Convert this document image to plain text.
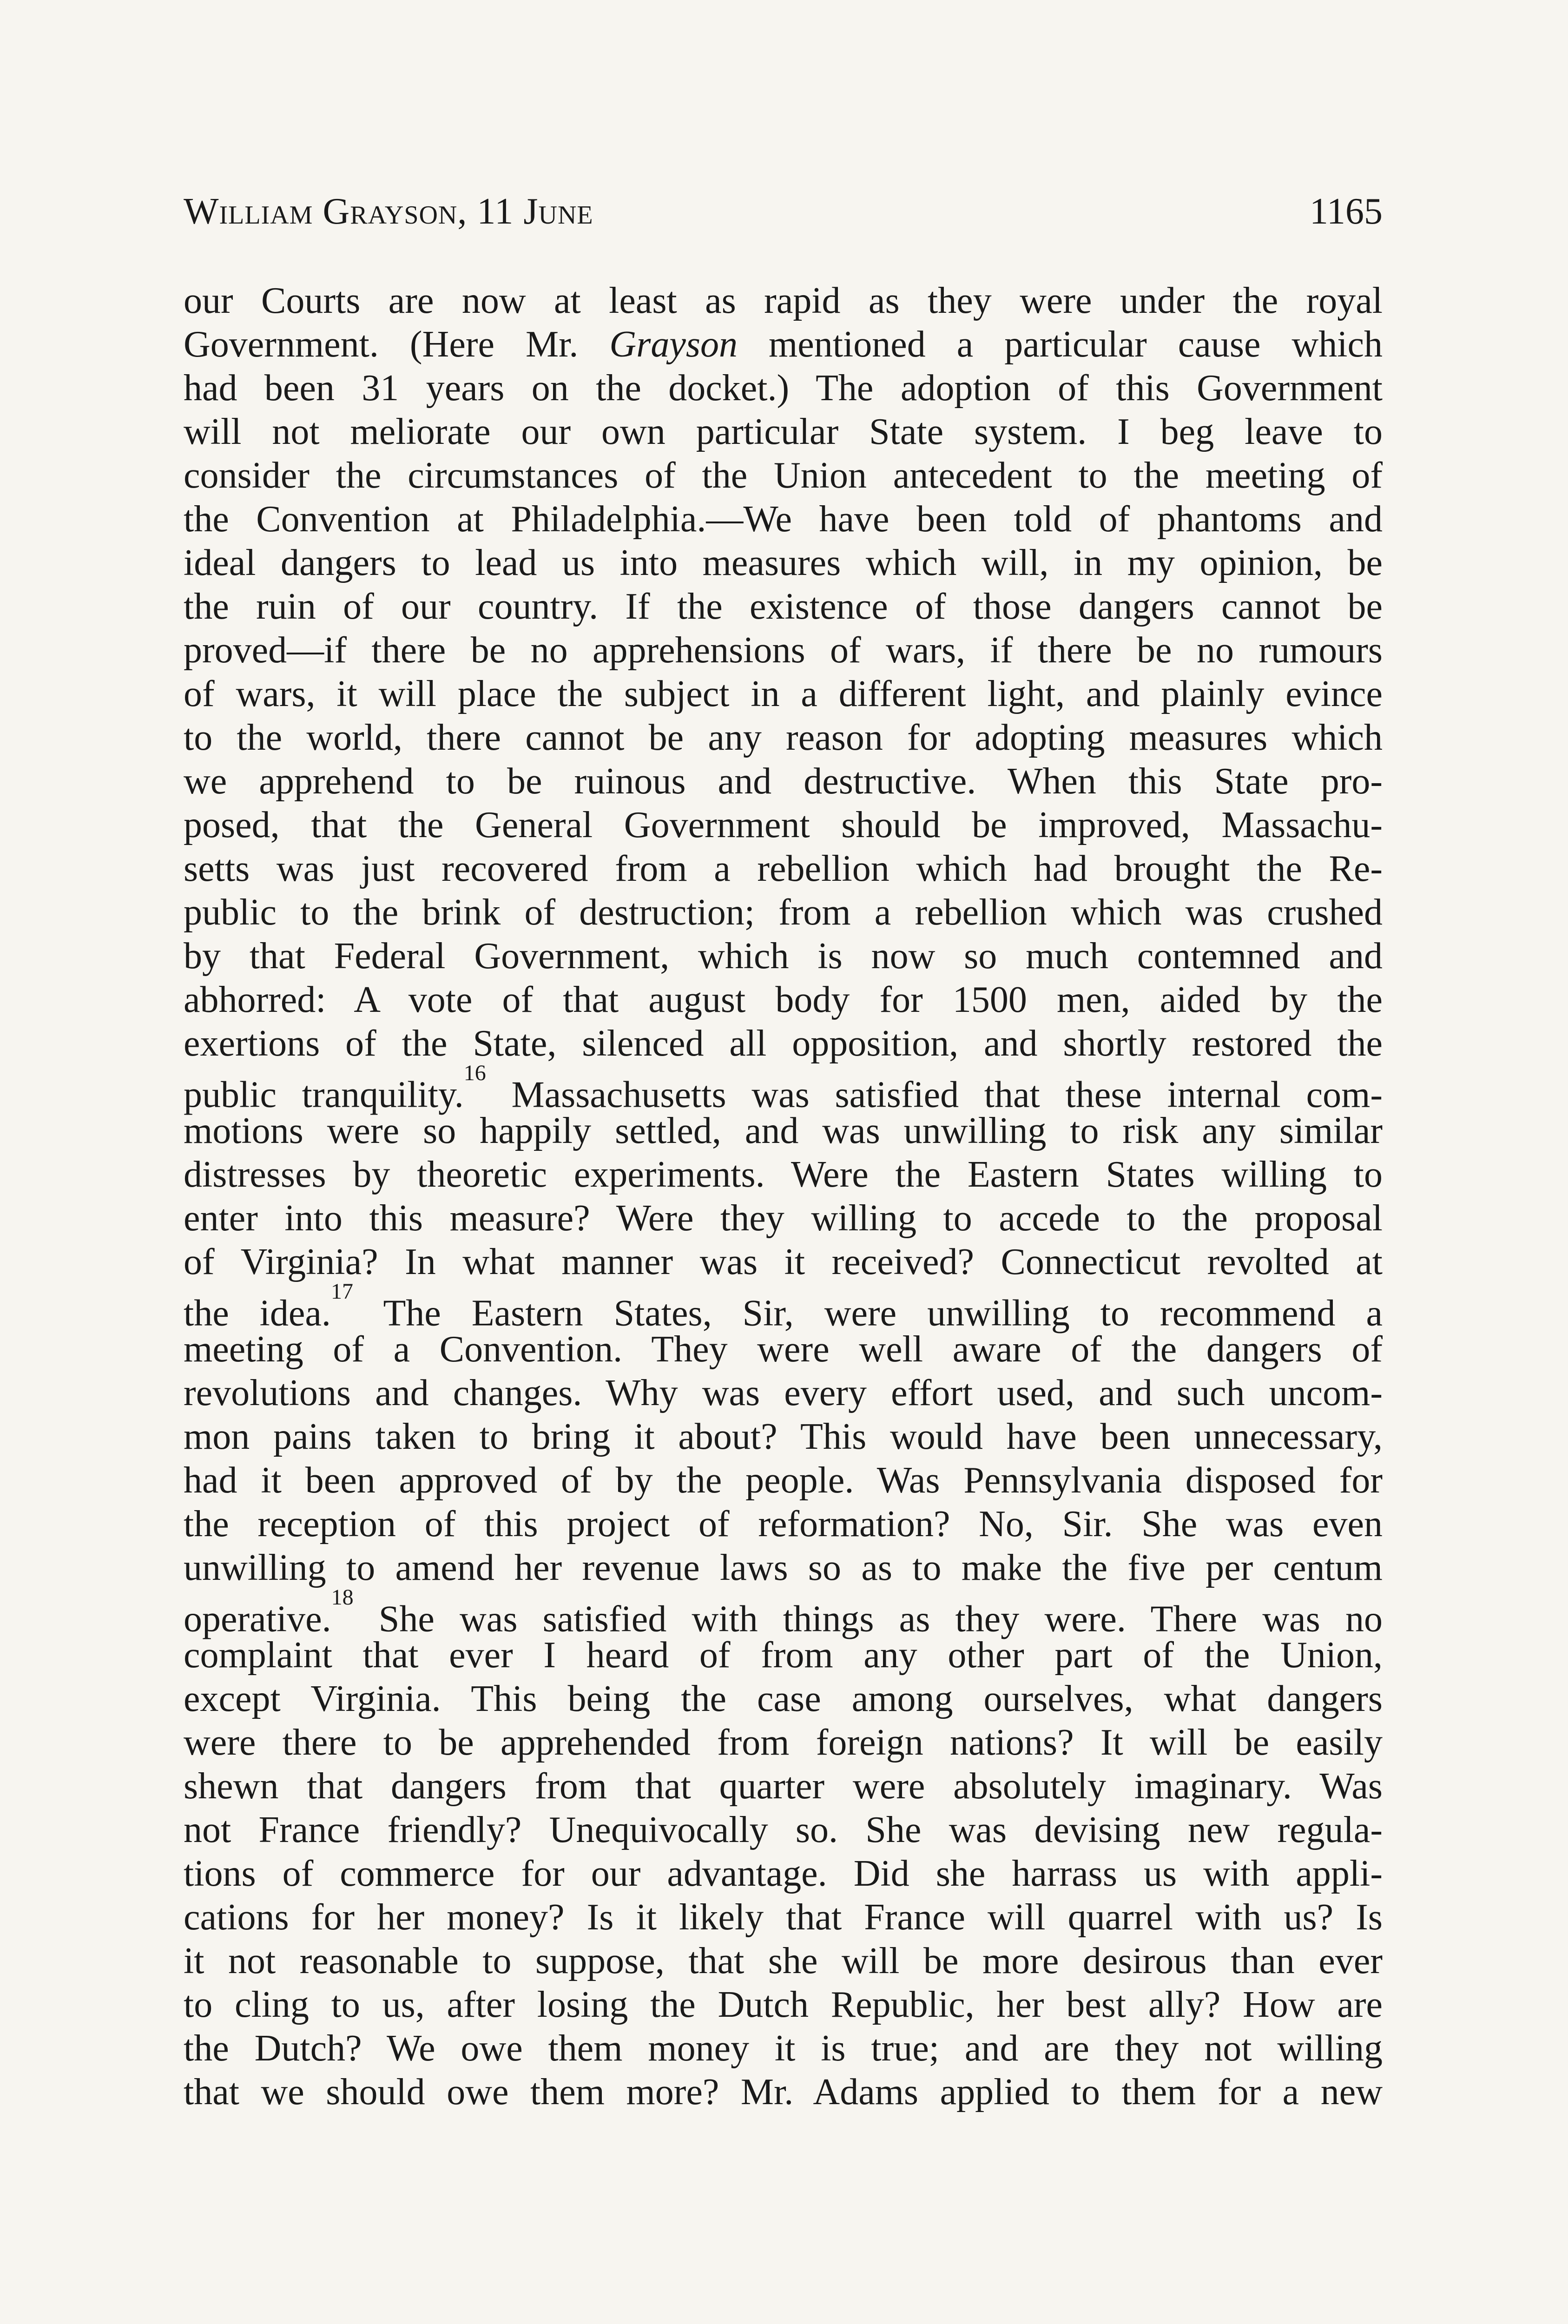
William Grayson, 11 June	1165
our Courts are now at least as rapid as they were under the royal
Government. (Here Mr. Grayson mentioned a particular cause which
had been 31 years on the docket.) The adoption of this Government
will not meliorate our own particular State system. I beg leave to
consider the circumstances of the Union antecedent to the meeting of
the Convention at Philadelphia.—We have been told of phantoms and
ideal dangers to lead us into measures which will, in my opinion, be
the ruin of our country. If the existence of those dangers cannot be
proved—if there be no apprehensions of wars, if there be no rumours
of wars, it will place the subject in a different light, and plainly evince
to the world, there cannot be any reason for adopting measures which
we apprehend to be ruinous and destructive. When this State pro-
posed, that the General Government should be improved, Massachu-
setts was just recovered from a rebellion which had brought the Re-
public to the brink of destruction; from a rebellion which was crushed
by that Federal Government, which is now so much contemned and
abhorred: A vote of that august body for 1500 men, aided by the
exertions of the State, silenced all opposition, and shortly restored the
public tranquility.$^{16}$ Massachusetts was satisfied that these internal com-
motions were so happily settled, and was unwilling to risk any similar
distresses by theoretic experiments. Were the Eastern States willing to
enter into this measure? Were they willing to accede to the proposal
of Virginia? In what manner was it received? Connecticut revolted at
the idea.$^{17}$ The Eastern States, Sir, were unwilling to recommend a
meeting of a Convention. They were well aware of the dangers of
revolutions and changes. Why was every effort used, and such uncom-
mon pains taken to bring it about? This would have been unnecessary,
had it been approved of by the people. Was Pennsylvania disposed for
the reception of this project of reformation? No, Sir. She was even
unwilling to amend her revenue laws so as to make the five per centum
operative.$^{18}$ She was satisfied with things as they were. There was no
complaint that ever I heard of from any other part of the Union,
except Virginia. This being the case among ourselves, what dangers
were there to be apprehended from foreign nations? It will be easily
shewn that dangers from that quarter were absolutely imaginary. Was
not France friendly? Unequivocally so. She was devising new regula-
tions of commerce for our advantage. Did she harrass us with appli-
cations for her money? Is it likely that France will quarrel with us? Is
it not reasonable to suppose, that she will be more desirous than ever
to cling to us, after losing the Dutch Republic, her best ally? How are
the Dutch? We owe them money it is true; and are they not willing
that we should owe them more? Mr. Adams applied to them for a new
